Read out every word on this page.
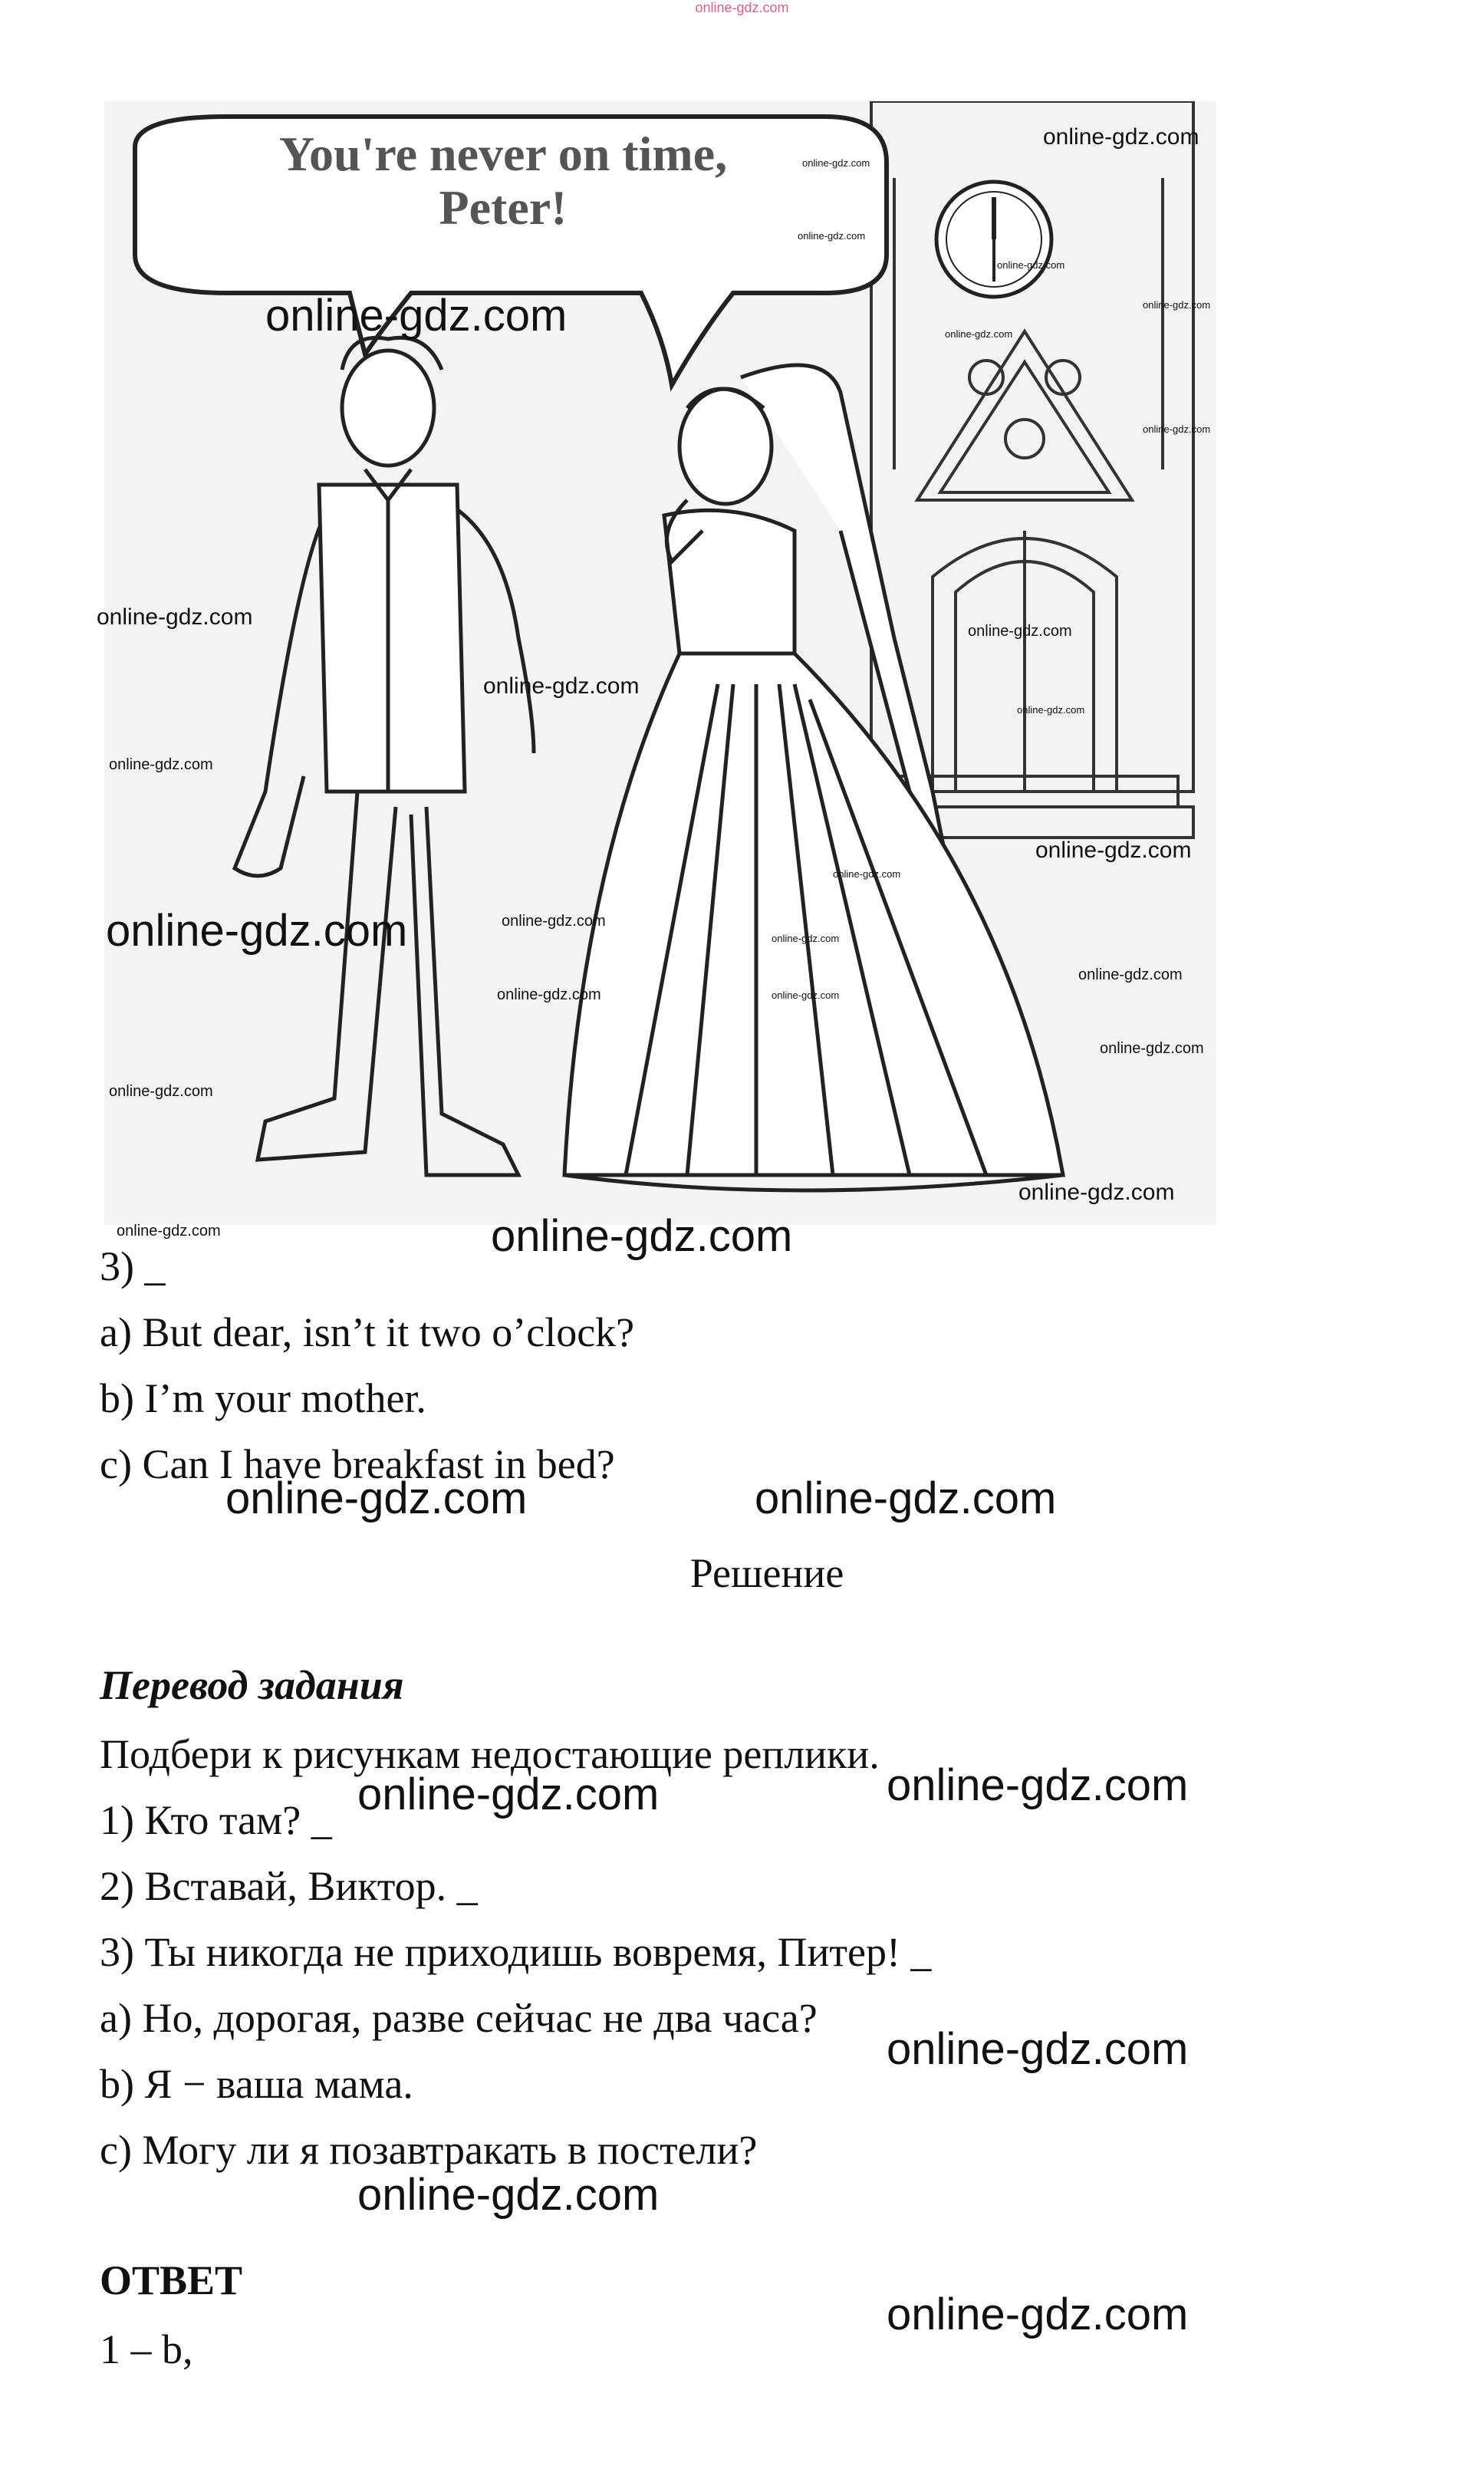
online-gdz.com
You're never on time,
Peter!
online-gdz.com
online-gdz.com
online-gdz.com
online-gdz.com
online-gdz.com
online-gdz.com
online-gdz.com
online-gdz.com
online-gdz.com
online-gdz.com
online-gdz.com
online-gdz.com
online-gdz.com
online-gdz.com
online-gdz.com
online-gdz.com	online-gdz.com
online-gdz.com
online-gdz.com
online-gdz.com	online-gdz.com
online-gdz.com
online-gdz.com
online-gdz.com
online-gdz.com	online-gdz.com
3) _
a) But dear, isn’t it two o’clock?
b) I’m your mother.
c) Can I have breakfast in bed?
online-gdz.com	online-gdz.com
Решение
Перевод задания
Подбери к рисункам недостающие реплики.
1) Кто там? _
2) Вставай, Виктор. _
3) Ты никогда не приходишь вовремя, Питер! _
a) Но, дорогая, разве сейчас не два часа?
b) Я − ваша мама.
c) Могу ли я позавтракать в постели?
online-gdz.com	online-gdz.com
online-gdz.com
online-gdz.com
ОТВЕТ
1 – b,
online-gdz.com
